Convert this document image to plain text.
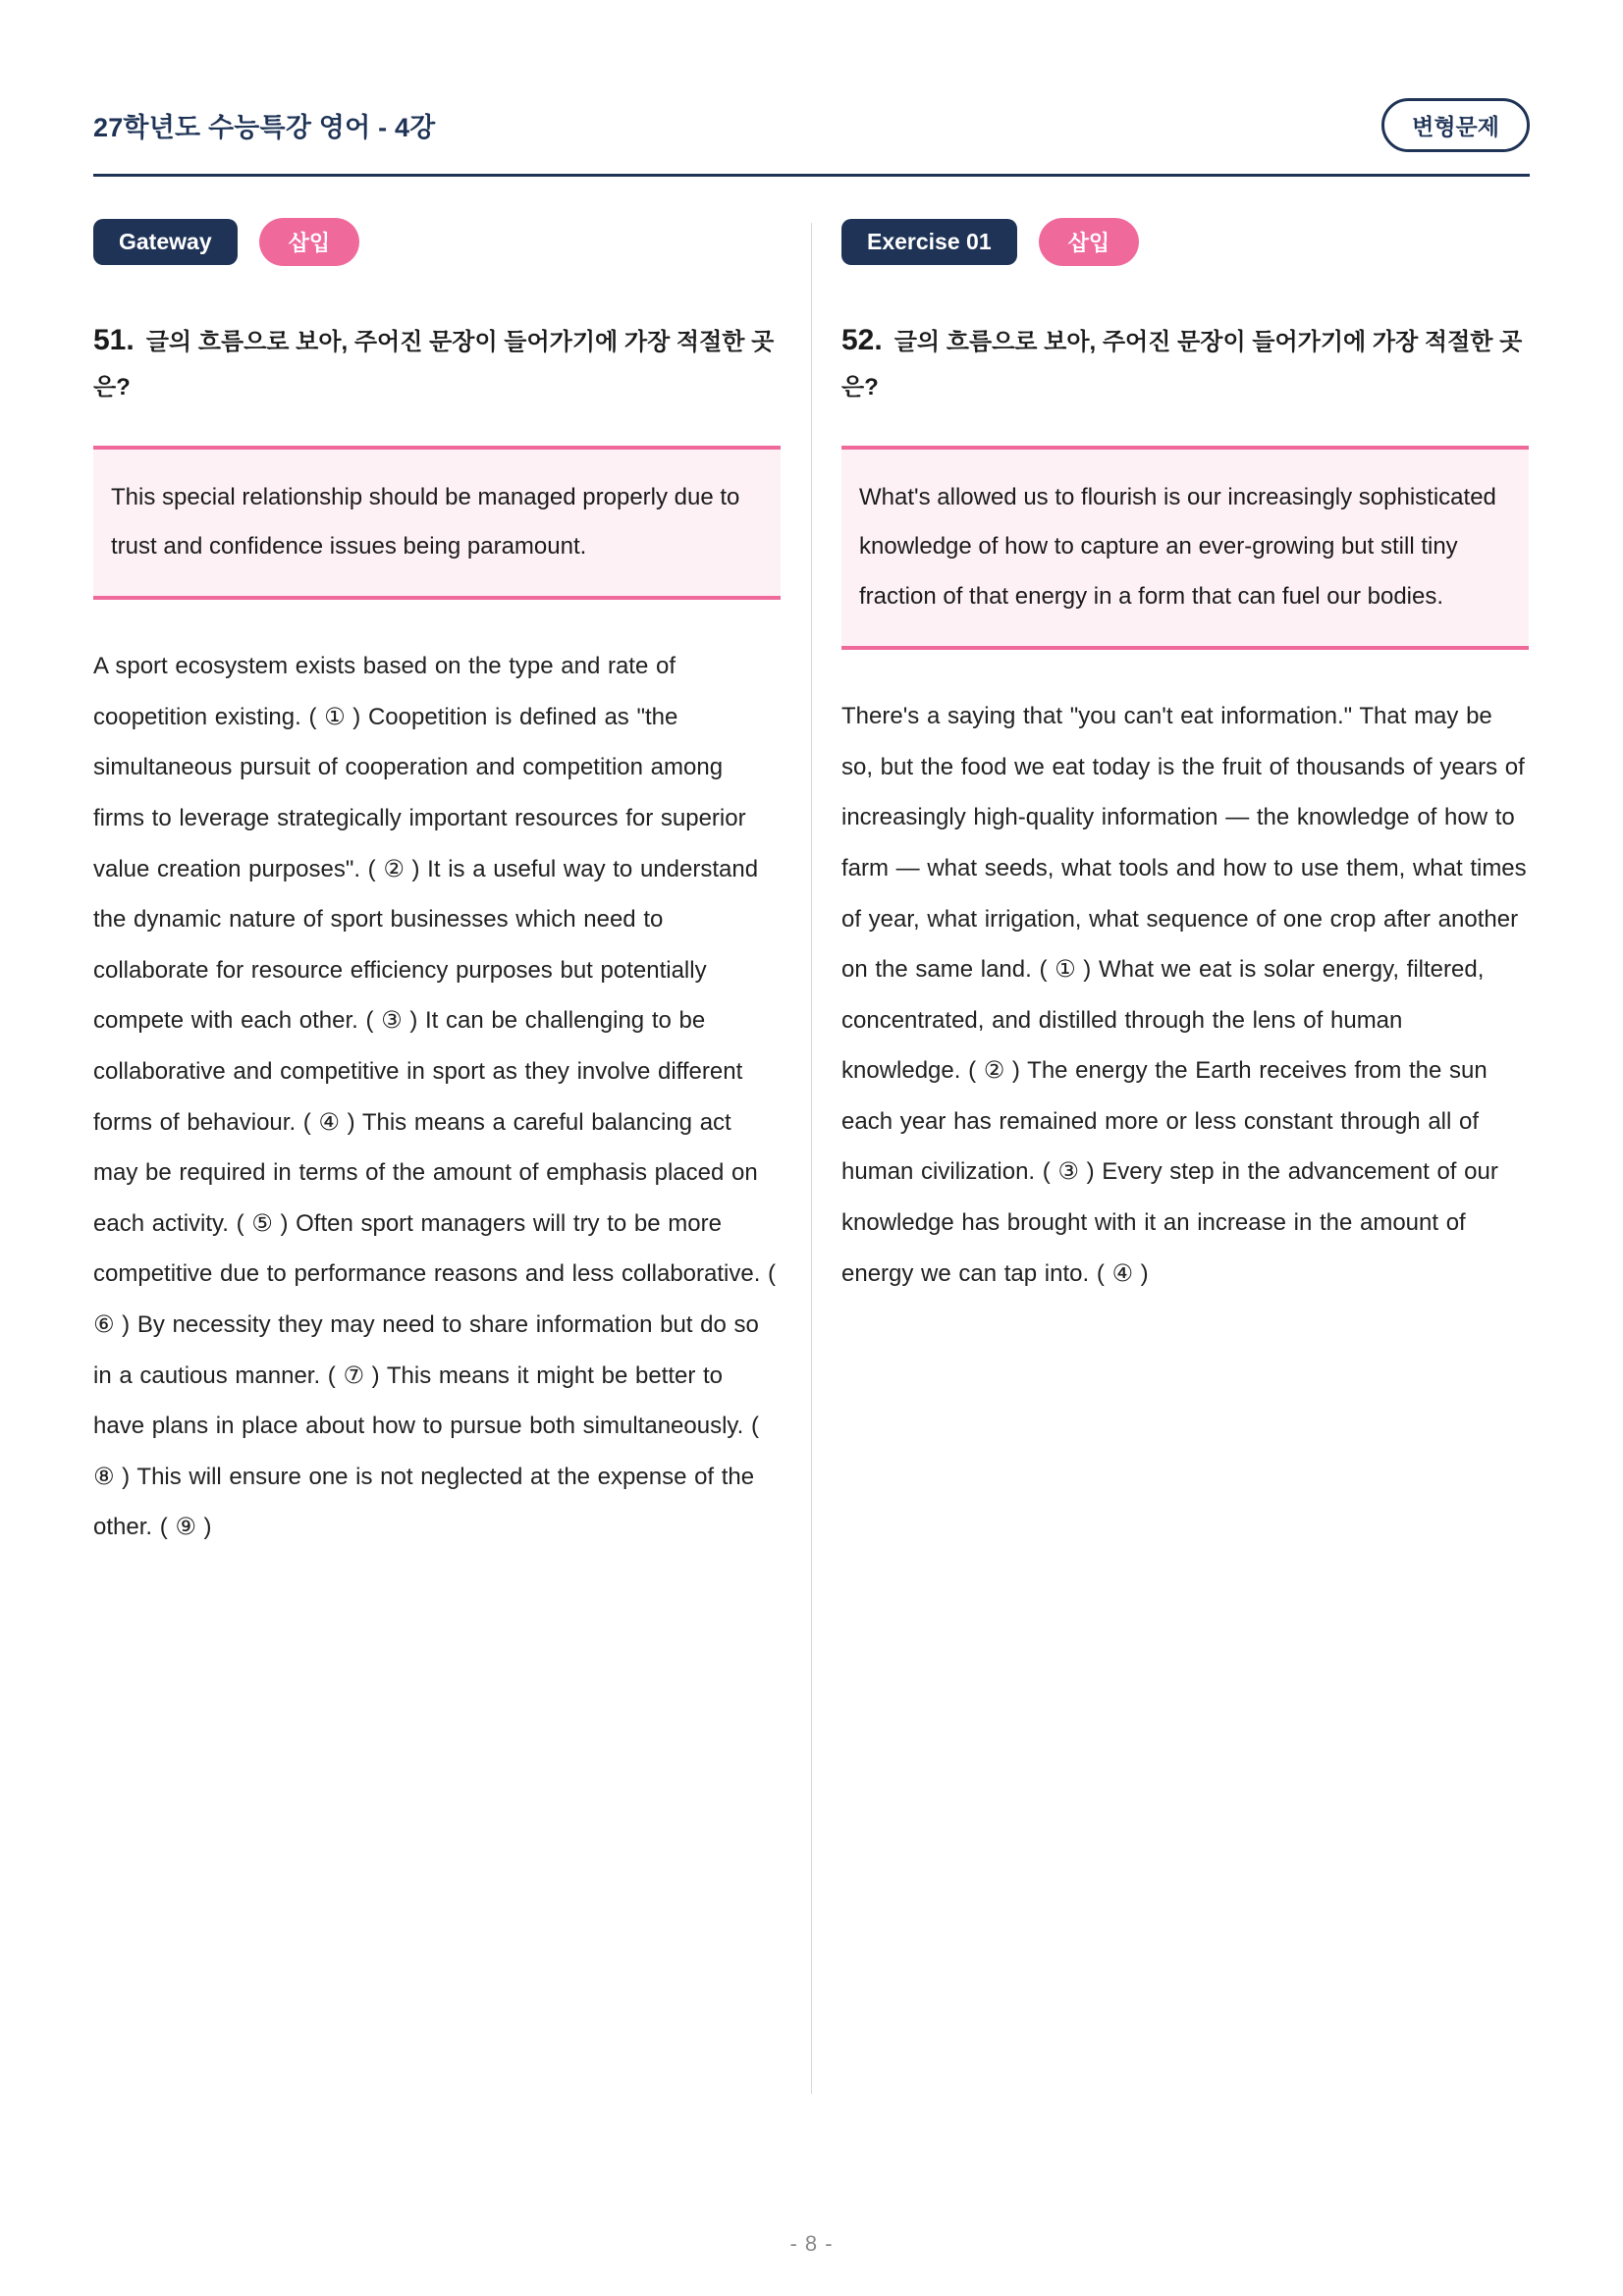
27학년도 수능특강 영어 - 4강	변형문제
Gateway	삽입
51. 글의 흐름으로 보아, 주어진 문장이 들어가기에 가장 적절한 곳은?

This special relationship should be managed properly due to trust and confidence issues being paramount.

A sport ecosystem exists based on the type and rate of coopetition existing. ( ① ) Coopetition is defined as "the simultaneous pursuit of cooperation and competition among firms to leverage strategically important resources for superior value creation purposes". ( ② ) It is a useful way to understand the dynamic nature of sport businesses which need to collaborate for resource efficiency purposes but potentially compete with each other. ( ③ ) It can be challenging to be collaborative and competitive in sport as they involve different forms of behaviour. ( ④ ) This means a careful balancing act may be required in terms of the amount of emphasis placed on each activity. ( ⑤ ) Often sport managers will try to be more competitive due to performance reasons and less collaborative. ( ⑥ ) By necessity they may need to share information but do so in a cautious manner. ( ⑦ ) This means it might be better to have plans in place about how to pursue both simultaneously. ( ⑧ ) This will ensure one is not neglected at the expense of the other. ( ⑨ )

Exercise 01	삽입
52. 글의 흐름으로 보아, 주어진 문장이 들어가기에 가장 적절한 곳은?

What's allowed us to flourish is our increasingly sophisticated knowledge of how to capture an ever-growing but still tiny fraction of that energy in a form that can fuel our bodies.

There's a saying that "you can't eat information." That may be so, but the food we eat today is the fruit of thousands of years of increasingly high-quality information — the knowledge of how to farm — what seeds, what tools and how to use them, what times of year, what irrigation, what sequence of one crop after another on the same land. ( ① ) What we eat is solar energy, filtered, concentrated, and distilled through the lens of human knowledge. ( ② ) The energy the Earth receives from the sun each year has remained more or less constant through all of human civilization. ( ③ ) Every step in the advancement of our knowledge has brought with it an increase in the amount of energy we can tap into. ( ④ )

- 8 -
